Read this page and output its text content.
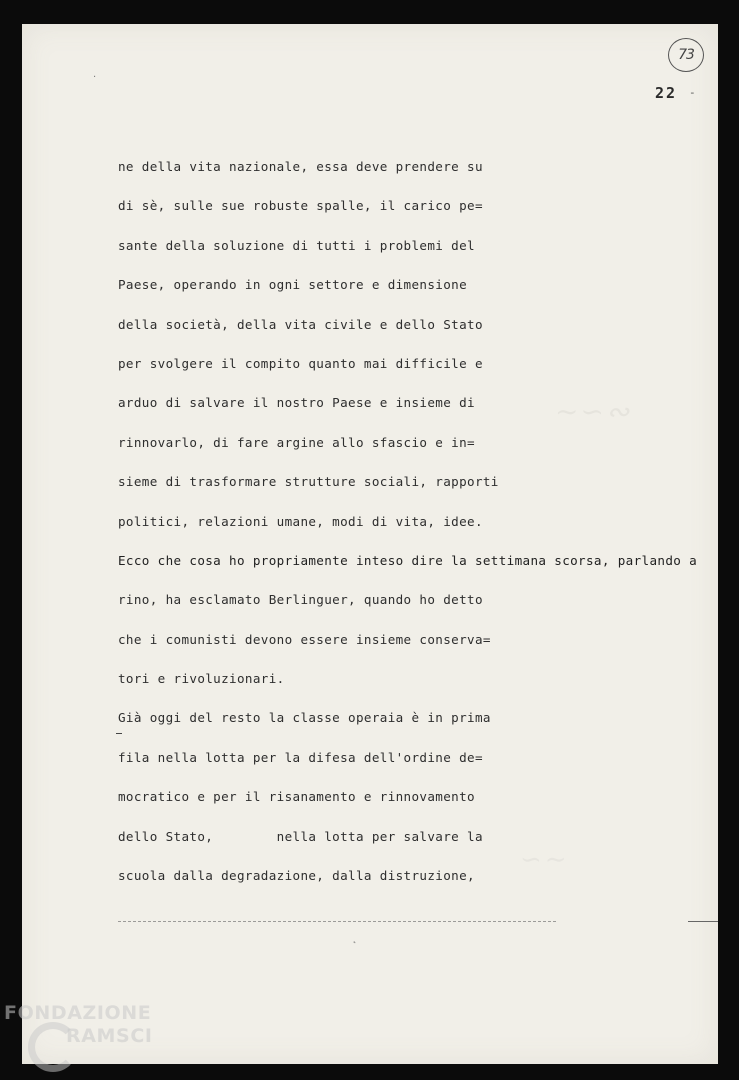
73
22 -
∼∽∾
∽∼
ne della vita nazionale, essa deve prendere su
di sè, sulle sue robuste spalle, il carico pe=
sante della soluzione di tutti i problemi del
Paese, operando in ogni settore e dimensione
della società, della vita civile e dello Stato
per svolgere il compito quanto mai difficile e
arduo di salvare il nostro Paese e insieme di
rinnovarlo, di fare argine allo sfascio e in=
sieme di trasformare strutture sociali, rapporti
politici, relazioni umane, modi di vita, idee.
Ecco che cosa ho propriamente inteso dire la settimana scorsa, parlando a
rino, ha esclamato Berlinguer, quando ho detto
che i comunisti devono essere insieme conserva=
tori e rivoluzionari.
Già oggi del resto la classe operaia è in prima
fila nella lotta per la difesa dell'ordine de=
mocratico e per il risanamento e rinnovamento
dello Stato,        nella lotta per salvare la
scuola dalla degradazione, dalla distruzione,
˛
·
FONDAZIONE
RAMSCI
